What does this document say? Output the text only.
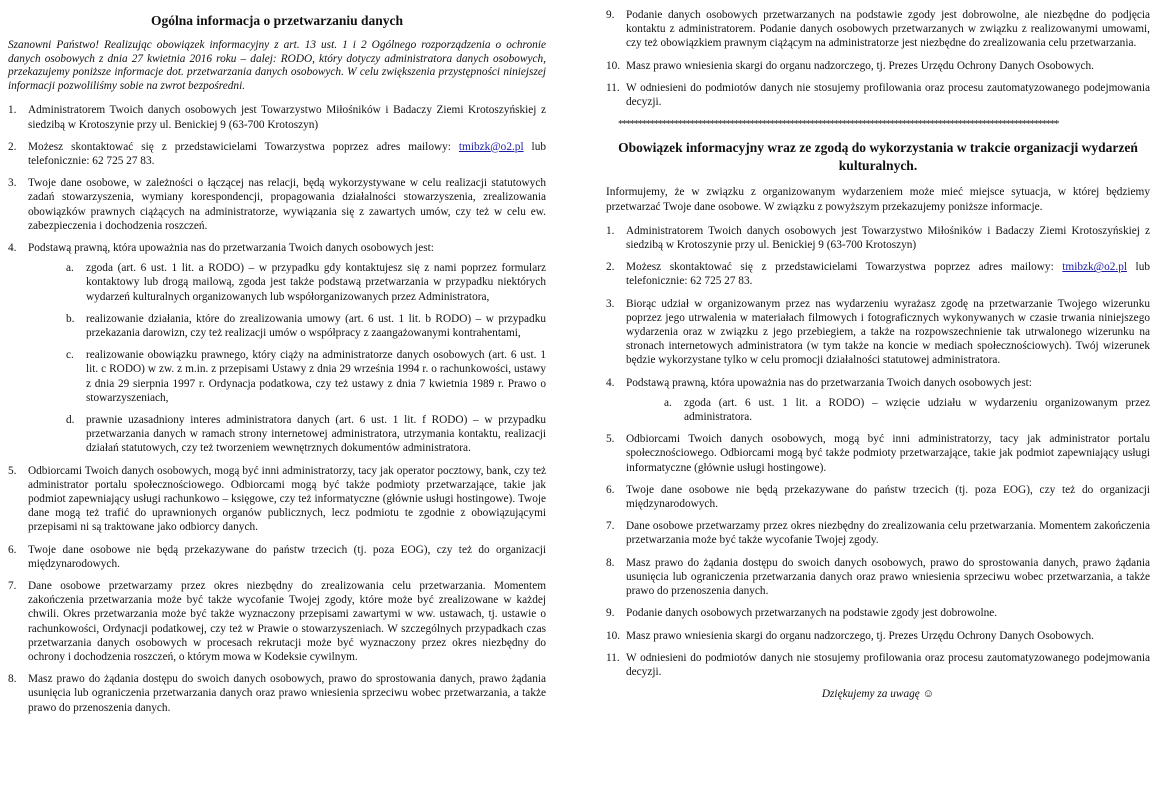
Ogólna informacja o przetwarzaniu danych

Szanowni Państwo! Realizując obowiązek informacyjny z art. 13 ust. 1 i 2 Ogólnego rozporządzenia o ochronie danych osobowych z dnia 27 kwietnia 2016 roku – dalej: RODO, który dotyczy administratora danych osobowych, przekazujemy poniższe informacje dot. przetwarzania danych osobowych. W celu zwiększenia przystępności niniejszej informacji pozwoliliśmy sobie na zwrot bezpośredni.

1. Administratorem Twoich danych osobowych jest Towarzystwo Miłośników i Badaczy Ziemi Krotoszyńskiej z siedzibą w Krotoszynie przy ul. Benickiej 9 (63-700 Krotoszyn)
2. Możesz skontaktować się z przedstawicielami Towarzystwa poprzez adres mailowy: tmibzk@o2.pl lub telefonicznie: 62 725 27 83.
3. Twoje dane osobowe, w zależności o łączącej nas relacji, będą wykorzystywane w celu realizacji statutowych zadań stowarzyszenia, wymiany korespondencji, propagowania działalności stowarzyszenia, zrealizowania obowiązków prawnych ciążących na administratorze, wywiązania się z zawartych umów, czy też w celu ew. zabezpieczenia i dochodzenia roszczeń.
4. Podstawą prawną, która upoważnia nas do przetwarzania Twoich danych osobowych jest:
a. zgoda (art. 6 ust. 1 lit. a RODO) – w przypadku gdy kontaktujesz się z nami poprzez formularz kontaktowy lub drogą mailową, zgoda jest także podstawą przetwarzania w przypadku niektórych wydarzeń kulturalnych organizowanych lub współorganizowanych przez Administratora,
b. realizowanie działania, które do zrealizowania umowy (art. 6 ust. 1 lit. b RODO) – w przypadku przekazania darowizn, czy też realizacji umów o współpracy z zaangażowanymi kontrahentami,
c. realizowanie obowiązku prawnego, który ciąży na administratorze danych osobowych (art. 6 ust. 1 lit. c RODO) w zw. z m.in. z przepisami Ustawy z dnia 29 września 1994 r. o rachunkowości, ustawy z dnia 29 sierpnia 1997 r. Ordynacja podatkowa, czy też ustawy z dnia 7 kwietnia 1989 r. Prawo o stowarzyszeniach,
d. prawnie uzasadniony interes administratora danych (art. 6 ust. 1 lit. f RODO) – w przypadku przetwarzania danych w ramach strony internetowej administratora, utrzymania kontaktu, realizacji działań statutowych, czy też tworzeniem wewnętrznych dokumentów administratora.
5. Odbiorcami Twoich danych osobowych, mogą być inni administratorzy, tacy jak operator pocztowy, bank, czy też administrator portalu społecznościowego. Odbiorcami mogą być także podmioty przetwarzające, takie jak podmiot zapewniający usługi rachunkowo – księgowe, czy też informatyczne (głównie usługi hostingowe). Twoje dane mogą też trafić do uprawnionych organów publicznych, lecz podmiotu te zgodnie z obowiązującymi przepisami ni są traktowane jako odbiorcy danych.
6. Twoje dane osobowe nie będą przekazywane do państw trzecich (tj. poza EOG), czy też do organizacji międzynarodowych.
7. Dane osobowe przetwarzamy przez okres niezbędny do zrealizowania celu przetwarzania. Momentem zakończenia przetwarzania może być także wycofanie Twojej zgody, które może być zrealizowane w każdej chwili. Okres przetwarzania może być także wyznaczony przepisami zawartymi w ww. ustawach, tj. ustawie o rachunkowości, Ordynacji podatkowej, czy też w Prawie o stowarzyszeniach. W szczególnych przypadkach czas przetwarzania danych osobowych w procesach rekrutacji może być wyznaczony przez okres niezbędny do ochrony i dochodzenia roszczeń, o którym mowa w Kodeksie cywilnym.
8. Masz prawo do żądania dostępu do swoich danych osobowych, prawo do sprostowania danych, prawo żądania usunięcia lub ograniczenia przetwarzania danych oraz prawo wniesienia sprzeciwu wobec przetwarzania, a także prawo do przenoszenia danych.
9. Podanie danych osobowych przetwarzanych na podstawie zgody jest dobrowolne, ale niezbędne do podjęcia kontaktu z administratorem. Podanie danych osobowych przetwarzanych w związku z realizowanymi umowami, czy też obowiązkiem prawnym ciążącym na administratorze jest niezbędne do zrealizowania celu przetwarzania.
10. Masz prawo wniesienia skargi do organu nadzorczego, tj. Prezes Urzędu Ochrony Danych Osobowych.
11. W odniesieni do podmiotów danych nie stosujemy profilowania oraz procesu zautomatyzowanego podejmowania decyzji.
**************************************************************************************************************
Obowiązek informacyjny wraz ze zgodą do wykorzystania w trakcie organizacji wydarzeń kulturalnych.

Informujemy, że w związku z organizowanym wydarzeniem może mieć miejsce sytuacja, w której będziemy przetwarzać Twoje dane osobowe. W związku z powyższym przekazujemy poniższe informacje.

1. Administratorem Twoich danych osobowych jest Towarzystwo Miłośników i Badaczy Ziemi Krotoszyńskiej z siedzibą w Krotoszynie przy ul. Benickiej 9 (63-700 Krotoszyn)
2. Możesz skontaktować się z przedstawicielami Towarzystwa poprzez adres mailowy: tmibzk@o2.pl lub telefonicznie: 62 725 27 83.
3. Biorąc udział w organizowanym przez nas wydarzeniu wyrażasz zgodę na przetwarzanie Twojego wizerunku poprzez jego utrwalenia w materiałach filmowych i fotograficznych wykonywanych w czasie trwania niniejszego wydarzenia oraz w związku z jego przebiegiem, a także na rozpowszechnienie tak utrwalonego wizerunku na stronach internetowych administratora (w tym także na koncie w mediach społecznościowych). Twój wizerunek będzie wykorzystane tylko w celu promocji działalności statutowej administratora.
4. Podstawą prawną, która upoważnia nas do przetwarzania Twoich danych osobowych jest:
a. zgoda (art. 6 ust. 1 lit. a RODO) – wzięcie udziału w wydarzeniu organizowanym przez administratora.
5. Odbiorcami Twoich danych osobowych, mogą być inni administratorzy, tacy jak administrator portalu społecznościowego. Odbiorcami mogą być także podmioty przetwarzające, takie jak podmiot zapewniający usługi informatyczne (głównie usługi hostingowe).
6. Twoje dane osobowe nie będą przekazywane do państw trzecich (tj. poza EOG), czy też do organizacji międzynarodowych.
7. Dane osobowe przetwarzamy przez okres niezbędny do zrealizowania celu przetwarzania. Momentem zakończenia przetwarzania może być także wycofanie Twojej zgody.
8. Masz prawo do żądania dostępu do swoich danych osobowych, prawo do sprostowania danych, prawo żądania usunięcia lub ograniczenia przetwarzania danych oraz prawo wniesienia sprzeciwu wobec przetwarzania, a także prawo do przenoszenia danych.
9. Podanie danych osobowych przetwarzanych na podstawie zgody jest dobrowolne.
10. Masz prawo wniesienia skargi do organu nadzorczego, tj. Prezes Urzędu Ochrony Danych Osobowych.
11. W odniesieni do podmiotów danych nie stosujemy profilowania oraz procesu zautomatyzowanego podejmowania decyzji.

Dziękujemy za uwagę ☺
